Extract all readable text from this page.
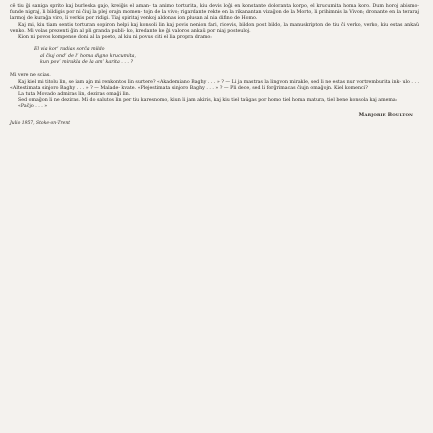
cê tiu ĝi saniga sprito kaj burleska gajo, kreiĝis el aman- ta animo torturita, kiu devis loĝi en konstante doloranta korpo, el krucumita homa koro. Dum horoj abismo- funde nigraj, li bildigis por ni ĉiuj la plej orajn momen- tojn de la vivo; rigardante rekte en la rikanantan vizaĝon de la Morto, li prihimnis la Vivon; dronante en la teraraj larmoj de kuraĝa viro, li verkis por ridigi. Tiaj spiritaj venkoj aldonas ion plusan al nia difino de Homo.

Kaj mi, kiu tiam sentis torturan sopiron helpi kaj konsoli lin kaj povis nenion fari, ricevis, bildon post bildo, la manuskripton de tiu ĉi verko, verko, kiu estas ankaŭ venko. Mi volas prezenti ĝin al pli granda publi- ko, kredante ke ĝi valoros ankaŭ por niaj posteuloj.

Kion ni povos kompense doni al la poeto, al kiu ni povus citi el lia propra dramo:

El via kor’ radias sorĉa mildo
al ĉiuj ond’ de l’ homa digno krucumita,
kun pov’ mirakla de la am’ karita . . . ?

Mi vere ne scias.

Kaj kiel mi titolu lin, se iam ajn mi renkontos lin surtere? «Akademiano Baghy . . . » ? — Li ja mastras la lingvon mirakle, sed li ne estas nur vortremburita ink- ulo . . . «Altestimata sinjoro Baghy . . . » ? — Malade- kvate. «Plejestimata sinjoro Baghy . . . » ? — Pli dece, sed li forĝrimacas ĉiujn omaĝojn. Kiel komenci?

La tuta Movado admiras lin, deziras omaĝi lin.

Sed omaĝon li ne deziras. Mi do salutos lin per tiu karesnomo, kiun li jam akiris, kaj kiu tiel taŭgas por homo tiel homa maturа, tiel bene konsola kaj amema:

«Paĉjo . . . »

Marjorie Boulton
Julio 1957, Stoke-on-Trent
